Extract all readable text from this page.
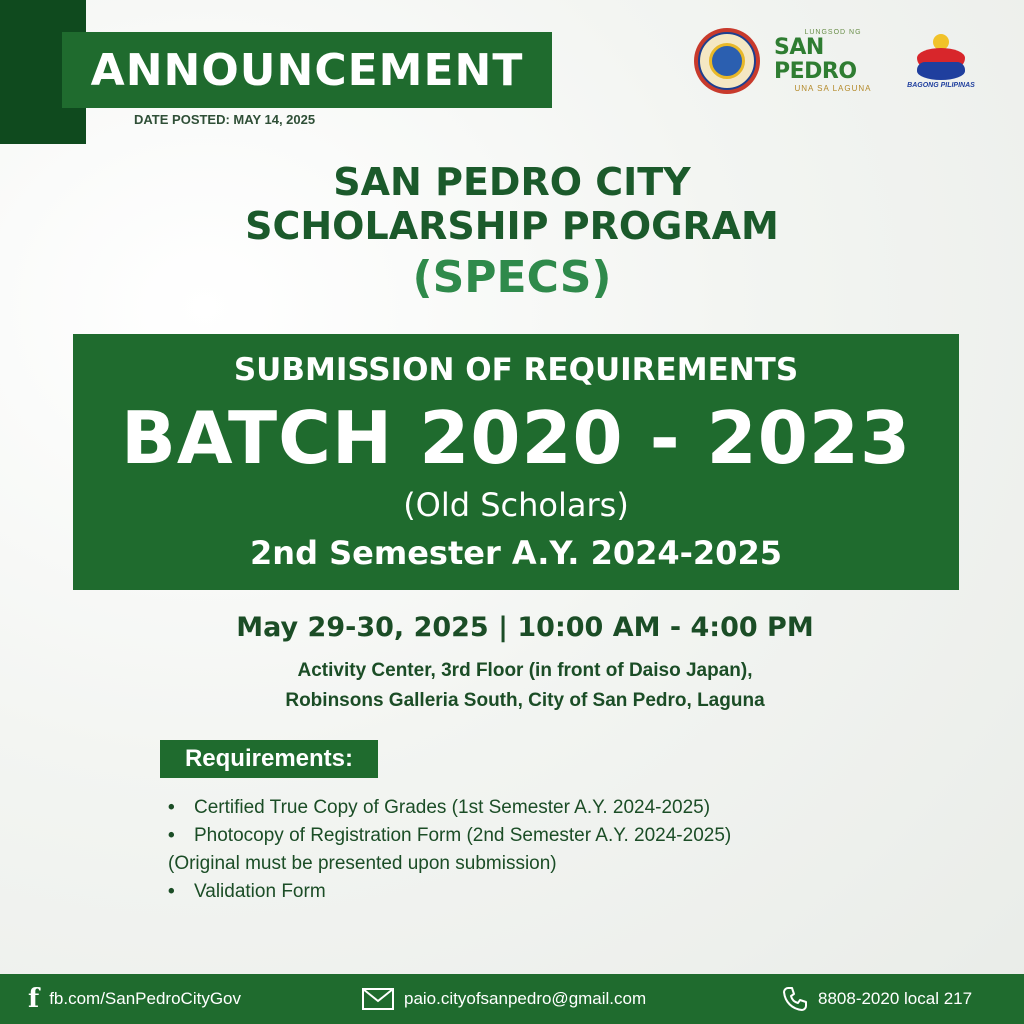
ANNOUNCEMENT
DATE POSTED: MAY 14, 2025
LUNGSOD NG
SAN PEDRO
UNA SA LAGUNA	BAGONG PILIPINAS
SAN PEDRO CITY
SCHOLARSHIP PROGRAM
(SPECS)
SUBMISSION OF REQUIREMENTS
BATCH 2020 - 2023
(Old Scholars)
2nd Semester A.Y. 2024-2025
May 29-30, 2025 | 10:00 AM - 4:00 PM
Activity Center, 3rd Floor (in front of Daiso Japan),
Robinsons Galleria South, City of San Pedro, Laguna
Requirements:
•	Certified True Copy of Grades (1st Semester A.Y. 2024-2025)
•	Photocopy of Registration Form (2nd Semester A.Y. 2024-2025)
(Original must be presented upon submission)
•	Validation Form
f fb.com/SanPedroCityGov	paio.cityofsanpedro@gmail.com	8808-2020 local 217
